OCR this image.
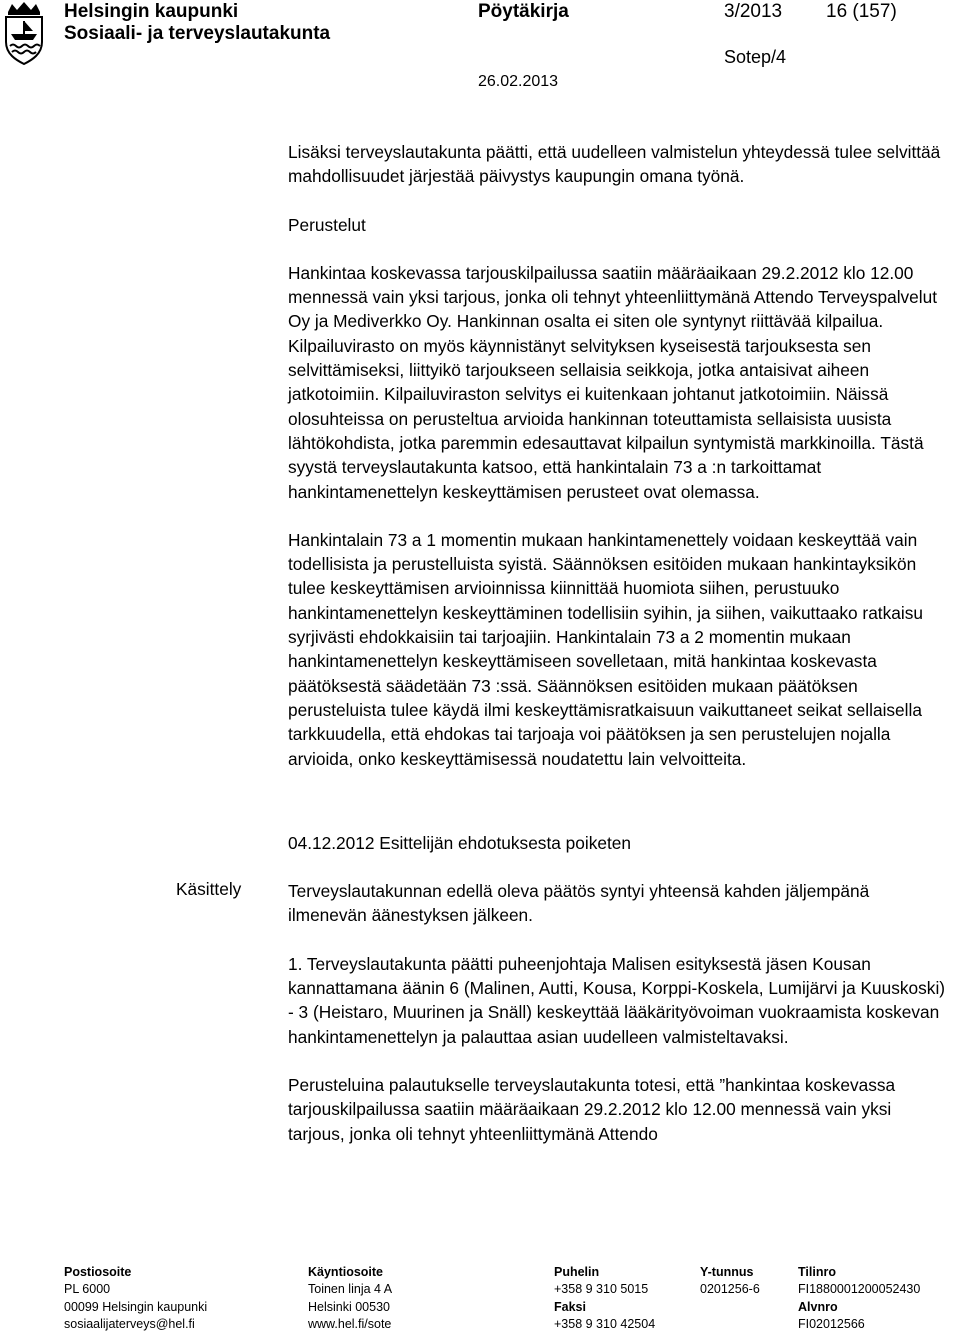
Helsingin kaupunki
Sosiaali- ja terveyslautakunta
Pöytäkirja	3/2013 16 (157)
Sotep/4
26.02.2013
Käsittely

Lisäksi terveyslautakunta päätti, että uudelleen valmistelun yhteydessä tulee selvittää mahdollisuudet järjestää päivystys kaupungin omana työnä.

Perustelut

Hankintaa koskevassa tarjouskilpailussa saatiin määräaikaan 29.2.2012 klo 12.00 mennessä vain yksi tarjous, jonka oli tehnyt yhteenliittymänä Attendo Terveyspalvelut Oy ja Mediverkko Oy. Hankinnan osalta ei siten ole syntynyt riittävää kilpailua. Kilpailuvirasto on myös käynnistänyt selvityksen kyseisestä tarjouksesta sen selvittämiseksi, liittyikö tarjoukseen sellaisia seikkoja, jotka antaisivat aiheen jatkotoimiin. Kilpailuviraston selvitys ei kuitenkaan johtanut jatkotoimiin. Näissä olosuhteissa on perusteltua arvioida hankinnan toteuttamista sellaisista uusista lähtökohdista, jotka paremmin edesauttavat kilpailun syntymistä markkinoilla. Tästä syystä terveyslautakunta katsoo, että hankintalain 73 a :n tarkoittamat hankintamenettelyn keskeyttämisen perusteet ovat olemassa.

Hankintalain 73 a 1 momentin mukaan hankintamenettely voidaan keskeyttää vain todellisista ja perustelluista syistä. Säännöksen esitöiden mukaan hankintayksikön tulee keskeyttämisen arvioinnissa kiinnittää huomiota siihen, perustuuko hankintamenettelyn keskeyttäminen todellisiin syihin, ja siihen, vaikuttaako ratkaisu syrjivästi ehdokkaisiin tai tarjoajiin. Hankintalain 73 a 2 momentin mukaan hankintamenettelyn keskeyttämiseen sovelletaan, mitä hankintaa koskevasta päätöksestä säädetään 73 :ssä. Säännöksen esitöiden mukaan päätöksen perusteluista tulee käydä ilmi keskeyttämisratkaisuun vaikuttaneet seikat sellaisella tarkkuudella, että ehdokas tai tarjoaja voi päätöksen ja sen perustelujen nojalla arvioida, onko keskeyttämisessä noudatettu lain velvoitteita.

04.12.2012 Esittelijän ehdotuksesta poiketen

Terveyslautakunnan edellä oleva päätös syntyi yhteensä kahden jäljempänä ilmenevän äänestyksen jälkeen.

1. Terveyslautakunta päätti puheenjohtaja Malisen esityksestä jäsen Kousan kannattamana äänin 6 (Malinen, Autti, Kousa, Korppi-Koskela, Lumijärvi ja Kuuskoski) - 3 (Heistaro, Muurinen ja Snäll) keskeyttää lääkärityövoiman vuokraamista koskevan hankintamenettelyn ja palauttaa asian uudelleen valmisteltavaksi.

Perusteluina palautukselle terveyslautakunta totesi, että ”hankintaa koskevassa tarjouskilpailussa saatiin määräaikaan 29.2.2012 klo 12.00 mennessä vain yksi tarjous, jonka oli tehnyt yhteenliittymänä Attendo

Postiosoite
PL 6000
00099 Helsingin kaupunki
sosiaalijaterveys@hel.fi
Käyntiosoite
Toinen linja 4 A
Helsinki 00530
www.hel.fi/sote
Puhelin
+358 9 310 5015
Faksi
+358 9 310 42504
Y-tunnus
0201256-6
Tilinro
FI1880001200052430
Alvnro
FI02012566
